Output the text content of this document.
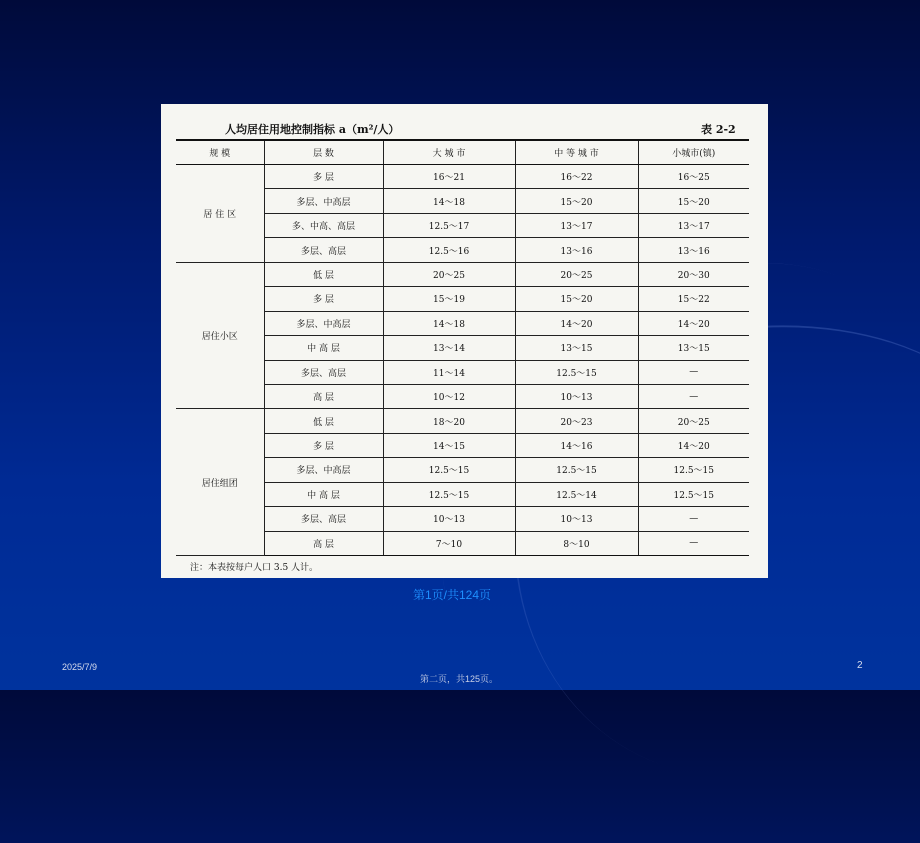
人均居住用地控制指标 a（m²/人）	表 2-2
规 模	层 数	大 城 市	中 等 城 市	小城市(镇)
居 住 区	多 层	16～21	16～22	16～25
	多层、中高层	14～18	15～20	15～20
	多、中高、高层	12.5～17	13～17	13～17
	多层、高层	12.5～16	13～16	13～16
居住小区	低 层	20～25	20～25	20～30
	多 层	15～19	15～20	15～22
	多层、中高层	14～18	14～20	14～20
	中 高 层	13～14	13～15	13～15
	多层、高层	11～14	12.5～15	—
	高 层	10～12	10～13	—
居住组团	低 层	18～20	20～23	20～25
	多 层	14～15	14～16	14～20
	多层、中高层	12.5～15	12.5～15	12.5～15
	中 高 层	12.5～15	12.5～14	12.5～15
	多层、高层	10～13	10～13	—
	高 层	7～10	8～10	—
注：本表按每户人口 3.5 人计。
第1页/共124页
2025/7/9	2
第二页，共125页。
